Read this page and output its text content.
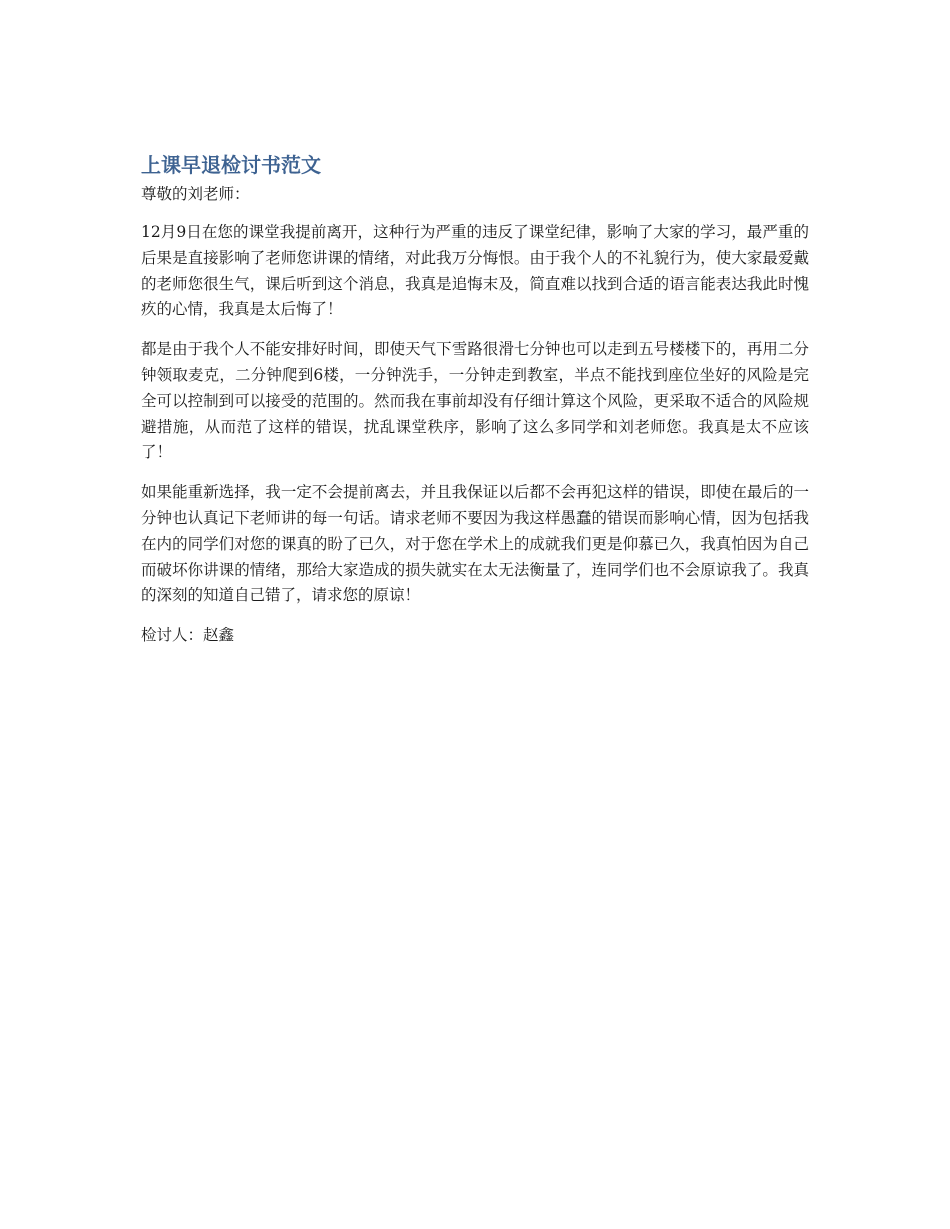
上课早退检讨书范文

尊敬的刘老师：

12月9日在您的课堂我提前离开，这种行为严重的违反了课堂纪律，影响了大家的学习，最严重的后果是直接影响了老师您讲课的情绪，对此我万分悔恨。由于我个人的不礼貌行为，使大家最爱戴的老师您很生气，课后听到这个消息，我真是追悔末及，简直难以找到合适的语言能表达我此时愧疚的心情，我真是太后悔了！

都是由于我个人不能安排好时间，即使天气下雪路很滑七分钟也可以走到五号楼楼下的，再用二分钟领取麦克，二分钟爬到6楼，一分钟洗手，一分钟走到教室，半点不能找到座位坐好的风险是完全可以控制到可以接受的范围的。然而我在事前却没有仔细计算这个风险，更采取不适合的风险规避措施，从而范了这样的错误，扰乱课堂秩序，影响了这么多同学和刘老师您。我真是太不应该了！

如果能重新选择，我一定不会提前离去，并且我保证以后都不会再犯这样的错误，即使在最后的一分钟也认真记下老师讲的每一句话。请求老师不要因为我这样愚蠢的错误而影响心情，因为包括我在内的同学们对您的课真的盼了已久，对于您在学术上的成就我们更是仰慕已久，我真怕因为自己而破坏你讲课的情绪，那给大家造成的损失就实在太无法衡量了，连同学们也不会原谅我了。我真的深刻的知道自己错了，请求您的原谅！

检讨人：赵鑫
